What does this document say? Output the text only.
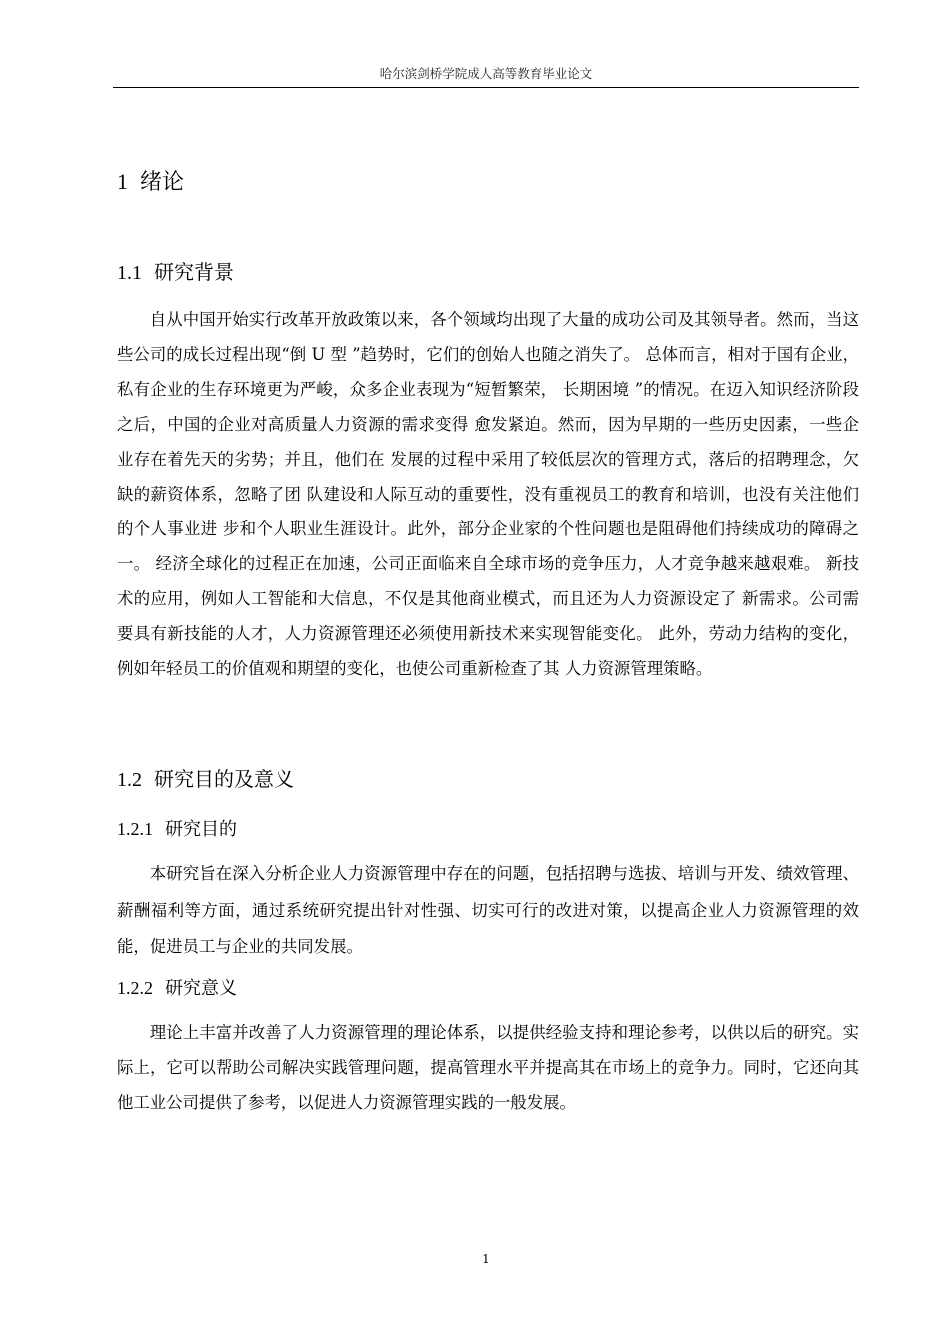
哈尔滨剑桥学院成人高等教育毕业论文
1 绪论
1.1 研究背景

自从中国开始实行改革开放政策以来，各个领域均出现了大量的成功公司及其领导者。然而，当这些公司的成长过程出现“倒 U 型 ”趋势时，它们的创始人也随之消失了。 总体而言，相对于国有企业，私有企业的生存环境更为严峻，众多企业表现为“短暂繁荣， 长期困境 ”的情况。在迈入知识经济阶段之后，中国的企业对高质量人力资源的需求变得 愈发紧迫。然而，因为早期的一些历史因素，一些企业存在着先天的劣势；并且，他们在 发展的过程中采用了较低层次的管理方式，落后的招聘理念，欠缺的薪资体系，忽略了团 队建设和人际互动的重要性，没有重视员工的教育和培训，也没有关注他们的个人事业进 步和个人职业生涯设计。此外，部分企业家的个性问题也是阻碍他们持续成功的障碍之一。 经济全球化的过程正在加速，公司正面临来自全球市场的竞争压力，人才竞争越来越艰难。 新技术的应用，例如人工智能和大信息，不仅是其他商业模式，而且还为人力资源设定了 新需求。公司需要具有新技能的人才，人力资源管理还必须使用新技术来实现智能变化。 此外，劳动力结构的变化，例如年轻员工的价值观和期望的变化，也使公司重新检查了其 人力资源管理策略。

1.2 研究目的及意义
1.2.1 研究目的

本研究旨在深入分析企业人力资源管理中存在的问题，包括招聘与选拔、培训与开发、绩效管理、薪酬福利等方面，通过系统研究提出针对性强、切实可行的改进对策，以提高企业人力资源管理的效能，促进员工与企业的共同发展。

1.2.2 研究意义

理论上丰富并改善了人力资源管理的理论体系，以提供经验支持和理论参考，以供以后的研究。实际上，它可以帮助公司解决实践管理问题，提高管理水平并提高其在市场上的竞争力。同时，它还向其他工业公司提供了参考，以促进人力资源管理实践的一般发展。

1
